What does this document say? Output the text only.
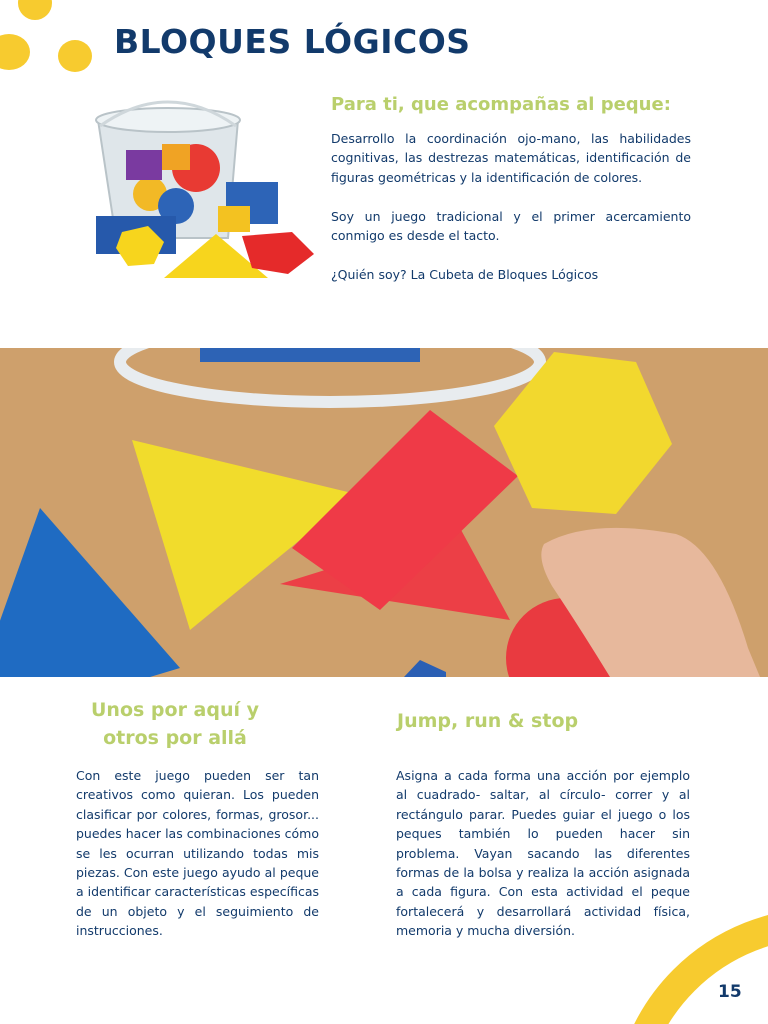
BLOQUES LÓGICOS
Para ti, que acompañas al peque:

Desarrollo la coordinación ojo-mano, las habilidades cognitivas, las destrezas matemáticas, identificación de figuras geométricas y la identificación de colores.

Soy un juego tradicional y el primer acercamiento conmigo es desde el tacto.

¿Quién soy? La Cubeta de Bloques Lógicos

Unos por aquí y
otros por allá

Con este juego pueden ser tan creativos como quieran. Los pueden clasificar por colores, formas, grosor... puedes hacer las combinaciones cómo se les ocurran utilizando todas mis piezas. Con este juego ayudo al peque a identificar características específicas de un objeto y el seguimiento de instrucciones.

Jump, run & stop

Asigna a cada forma una acción por ejemplo al cuadrado- saltar, al círculo- correr y al rectángulo parar. Puedes guiar el juego o los peques también lo pueden hacer sin problema. Vayan sacando las diferentes formas de la bolsa y realiza la acción asignada a cada figura. Con esta actividad el peque fortalecerá y desarrollará actividad física, memoria y mucha diversión.

15
